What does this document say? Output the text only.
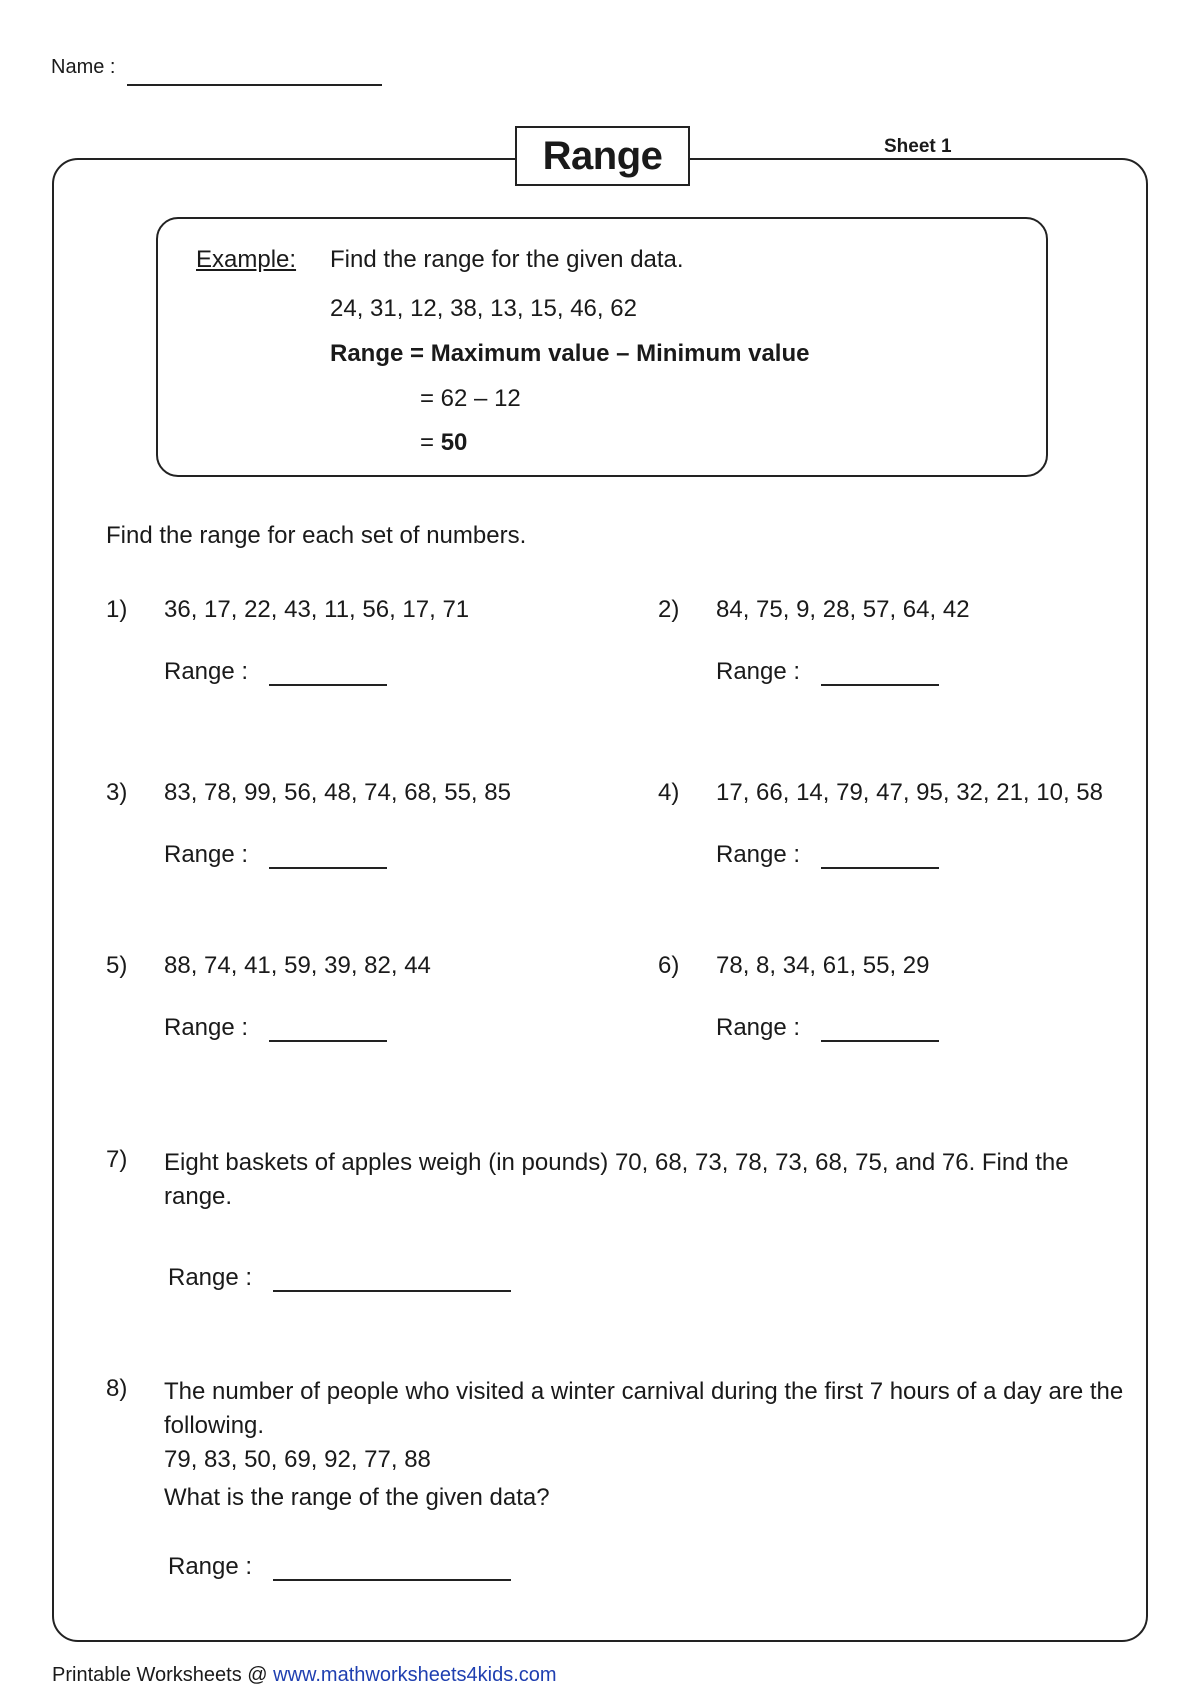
Name :
Range	Sheet 1
Example: Find the range for the given data.
24, 31, 12, 38, 13, 15, 46, 62
Range = Maximum value – Minimum value
= 62 – 12
= 50
Find the range for each set of numbers.
1) 36, 17, 22, 43, 11, 56, 17, 71
Range :
2) 84, 75, 9, 28, 57, 64, 42
Range :
3) 83, 78, 99, 56, 48, 74, 68, 55, 85
Range :
4) 17, 66, 14, 79, 47, 95, 32, 21, 10, 58
Range :
5) 88, 74, 41, 59, 39, 82, 44
Range :
6) 78, 8, 34, 61, 55, 29
Range :
7) Eight baskets of apples weigh (in pounds) 70, 68, 73, 78, 73, 68, 75, and 76. Find the range.
Range :
8) The number of people who visited a winter carnival during the first 7 hours of a day are the following.
79, 83, 50, 69, 92, 77, 88
What is the range of the given data?
Range :
Printable Worksheets @ www.mathworksheets4kids.com
